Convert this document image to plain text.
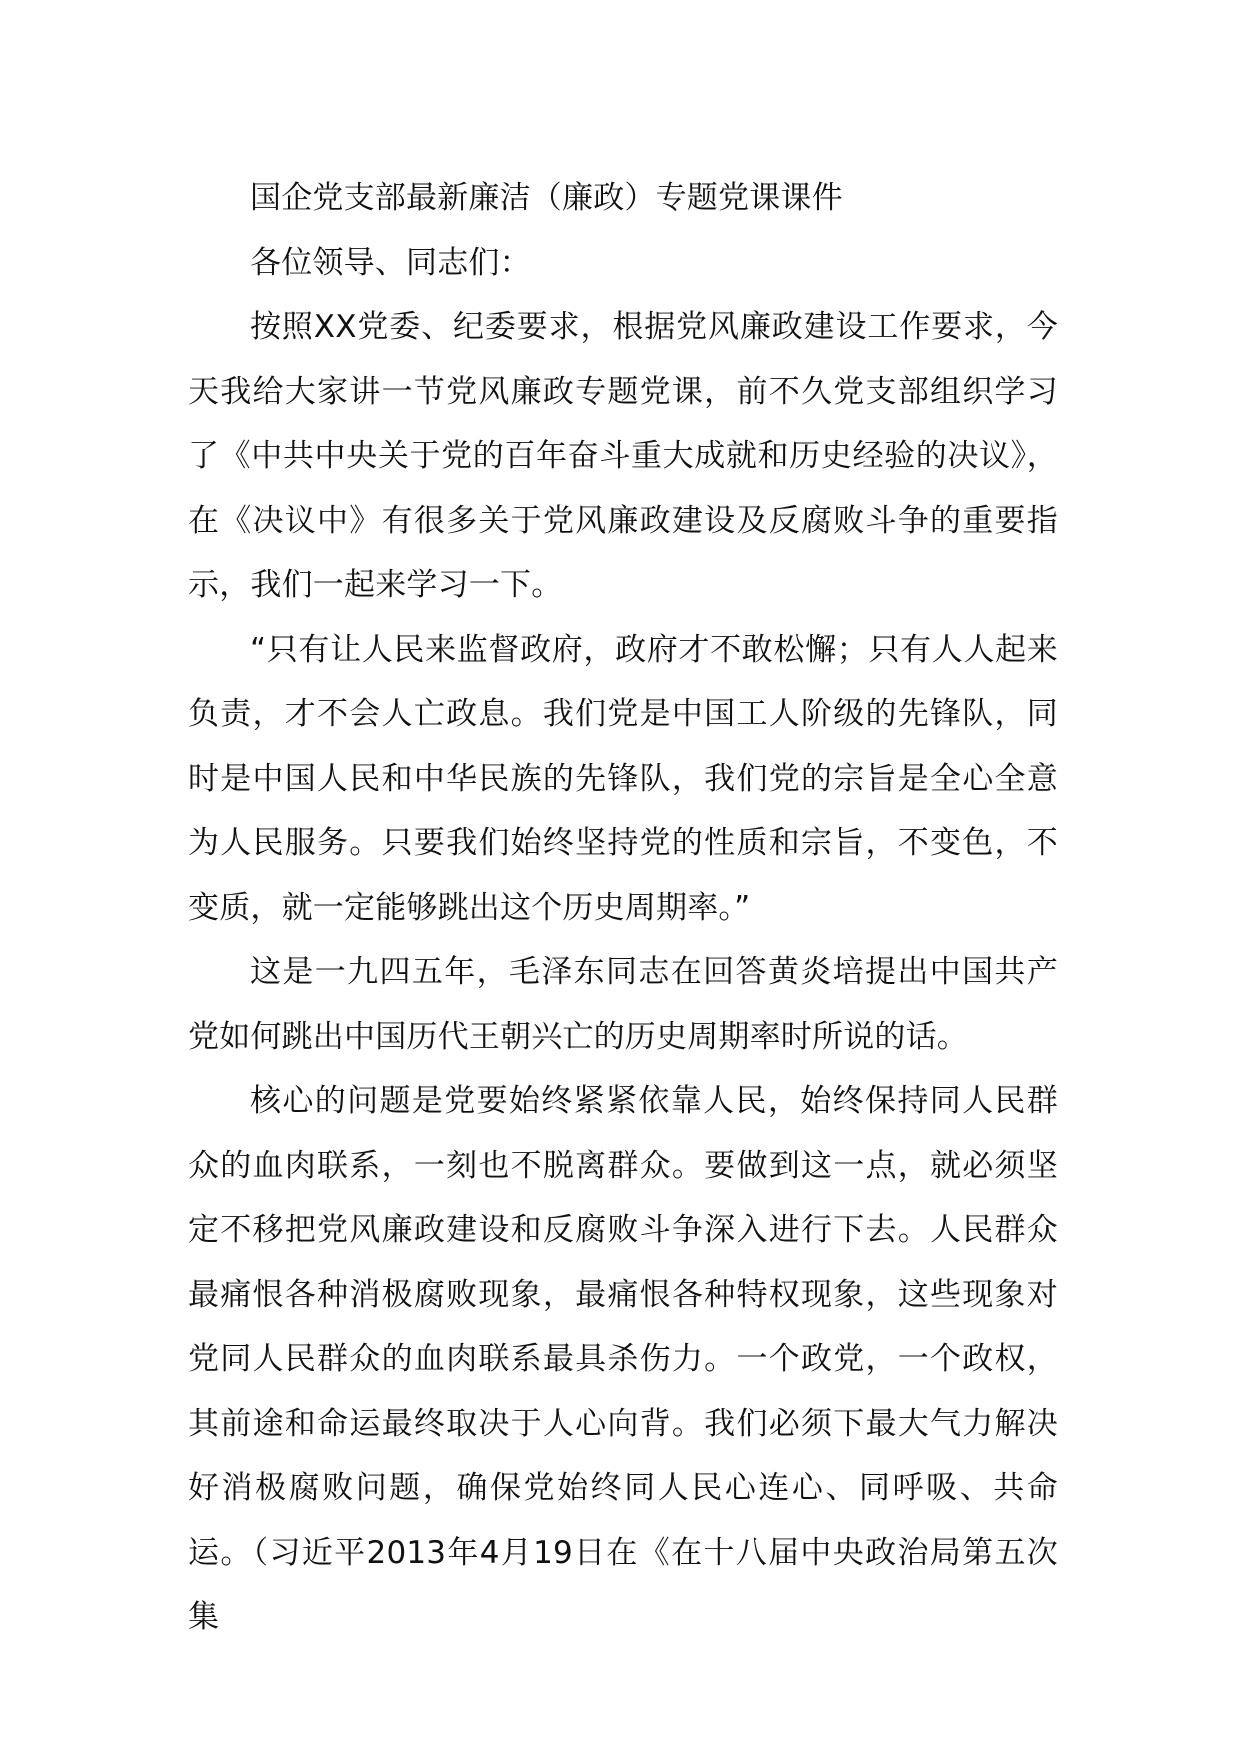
国企党支部最新廉洁（廉政）专题党课课件

各位领导、同志们：

按照XX党委、纪委要求，根据党风廉政建设工作要求，今天我给大家讲一节党风廉政专题党课，前不久党支部组织学习了《中共中央关于党的百年奋斗重大成就和历史经验的决议》，在《决议中》有很多关于党风廉政建设及反腐败斗争的重要指示，我们一起来学习一下。

“只有让人民来监督政府，政府才不敢松懈；只有人人起来负责，才不会人亡政息。我们党是中国工人阶级的先锋队，同时是中国人民和中华民族的先锋队，我们党的宗旨是全心全意为人民服务。只要我们始终坚持党的性质和宗旨，不变色，不变质，就一定能够跳出这个历史周期率。”

这是一九四五年，毛泽东同志在回答黄炎培提出中国共产党如何跳出中国历代王朝兴亡的历史周期率时所说的话。

核心的问题是党要始终紧紧依靠人民，始终保持同人民群众的血肉联系，一刻也不脱离群众。要做到这一点，就必须坚定不移把党风廉政建设和反腐败斗争深入进行下去。人民群众最痛恨各种消极腐败现象，最痛恨各种特权现象，这些现象对党同人民群众的血肉联系最具杀伤力。一个政党，一个政权，其前途和命运最终取决于人心向背。我们必须下最大气力解决好消极腐败问题，确保党始终同人民心连心、同呼吸、共命运。（习近平2013年4月19日在《在十八届中央政治局第五次集
